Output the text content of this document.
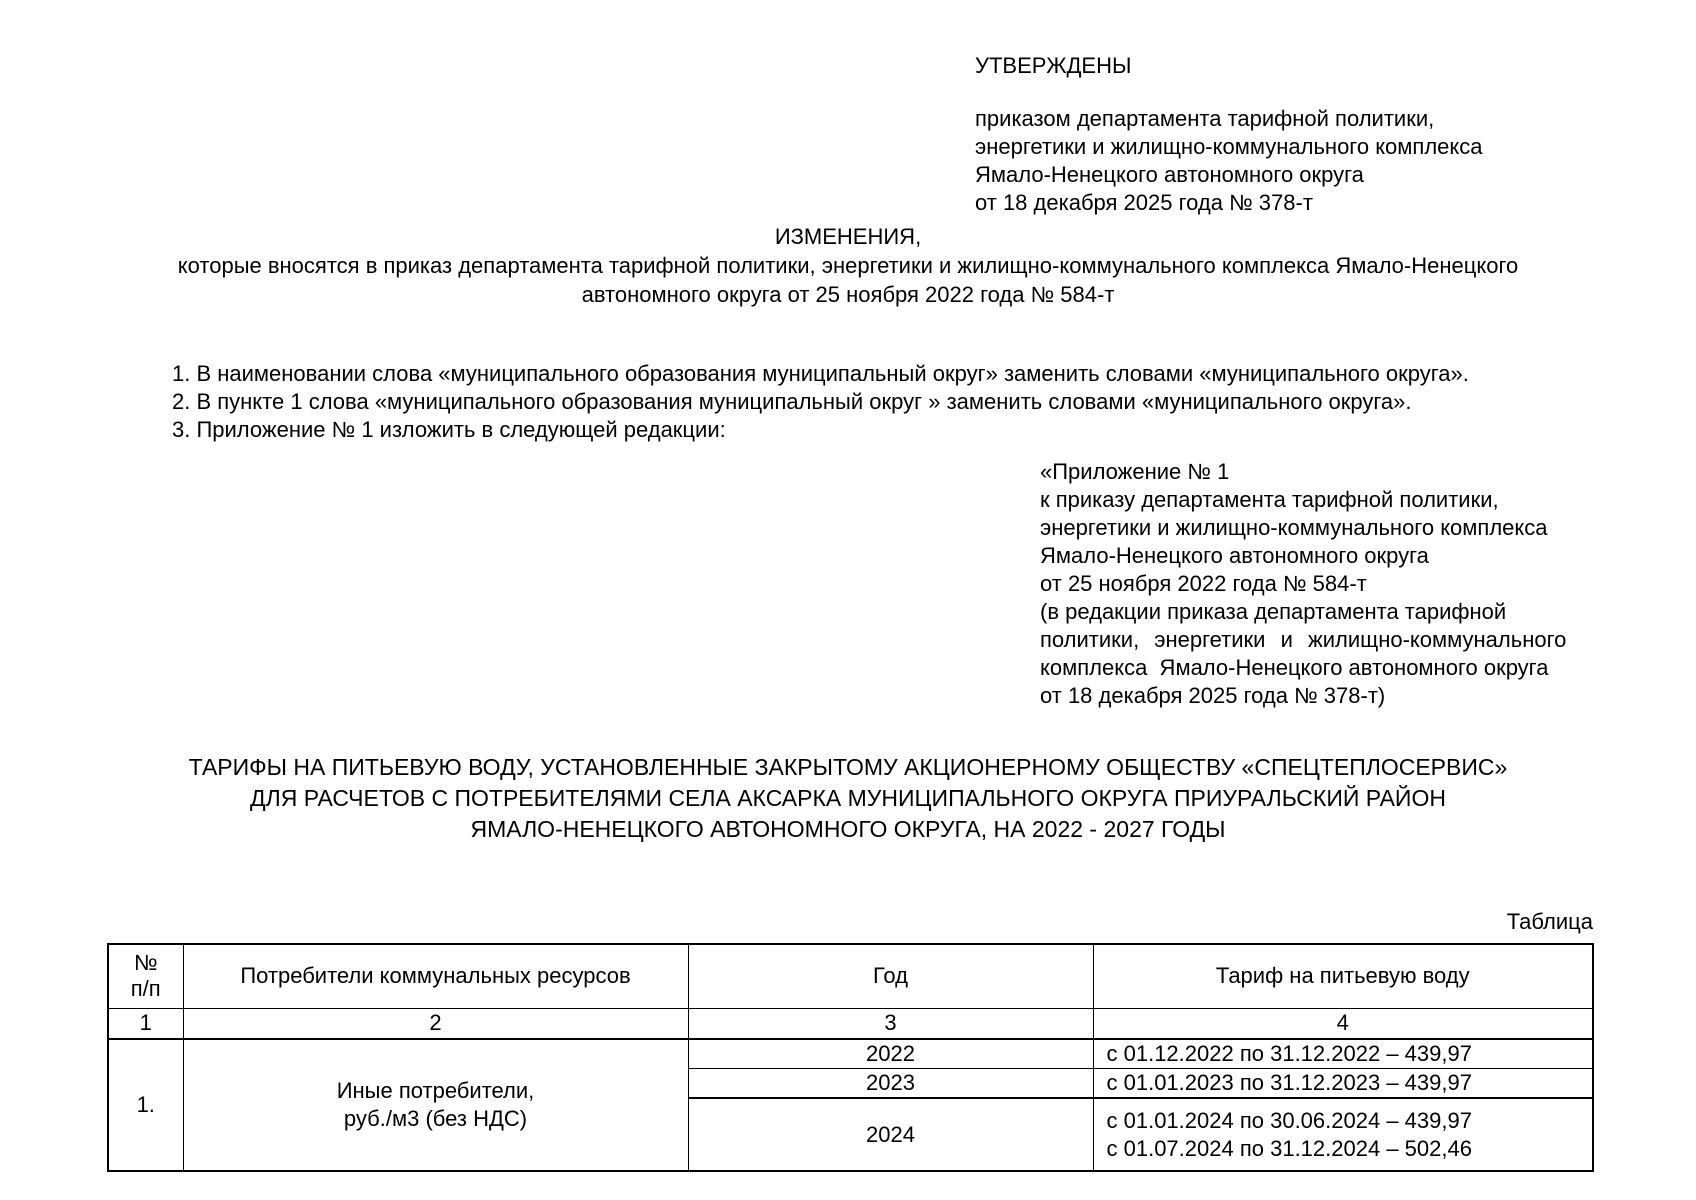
УТВЕРЖДЕНЫ
приказом департамента тарифной политики,
энергетики и жилищно-коммунального комплекса
Ямало-Ненецкого автономного округа
от 18 декабря 2025 года № 378-т
ИЗМЕНЕНИЯ,
которые вносятся в приказ департамента тарифной политики, энергетики и жилищно-коммунального комплекса Ямало-Ненецкого
автономного округа от 25 ноября 2022 года № 584-т
1. В наименовании слова «муниципального образования муниципальный округ» заменить словами «муниципального округа».
2. В пункте 1 слова «муниципального образования муниципальный округ » заменить словами «муниципального округа».
3. Приложение № 1 изложить в следующей редакции:
«Приложение № 1
к приказу департамента тарифной политики,
энергетики и жилищно-коммунального комплекса
Ямало-Ненецкого автономного округа
от 25 ноября 2022 года № 584-т
(в редакции приказа департамента тарифной
политики, энергетики и жилищно-коммунального
комплекса  Ямало-Ненецкого автономного округа
от 18 декабря 2025 года № 378-т)
ТАРИФЫ НА ПИТЬЕВУЮ ВОДУ, УСТАНОВЛЕННЫЕ ЗАКРЫТОМУ АКЦИОНЕРНОМУ ОБЩЕСТВУ «СПЕЦТЕПЛОСЕРВИС»
ДЛЯ РАСЧЕТОВ С ПОТРЕБИТЕЛЯМИ СЕЛА АКСАРКА МУНИЦИПАЛЬНОГО ОКРУГА ПРИУРАЛЬСКИЙ РАЙОН
ЯМАЛО-НЕНЕЦКОГО АВТОНОМНОГО ОКРУГА, НА 2022 - 2027 ГОДЫ
Таблица
№
п/п	Потребители коммунальных ресурсов	Год	Тариф на питьевую воду
1	2	3	4
1.	Иные потребители,
руб./м3 (без НДС)	2022	с 01.12.2022 по 31.12.2022 – 439,97

		2023	с 01.01.2023 по 31.12.2023 – 439,97

		2024	с 01.01.2024 по 30.06.2024 – 439,97
с 01.07.2024 по 31.12.2024 – 502,46
